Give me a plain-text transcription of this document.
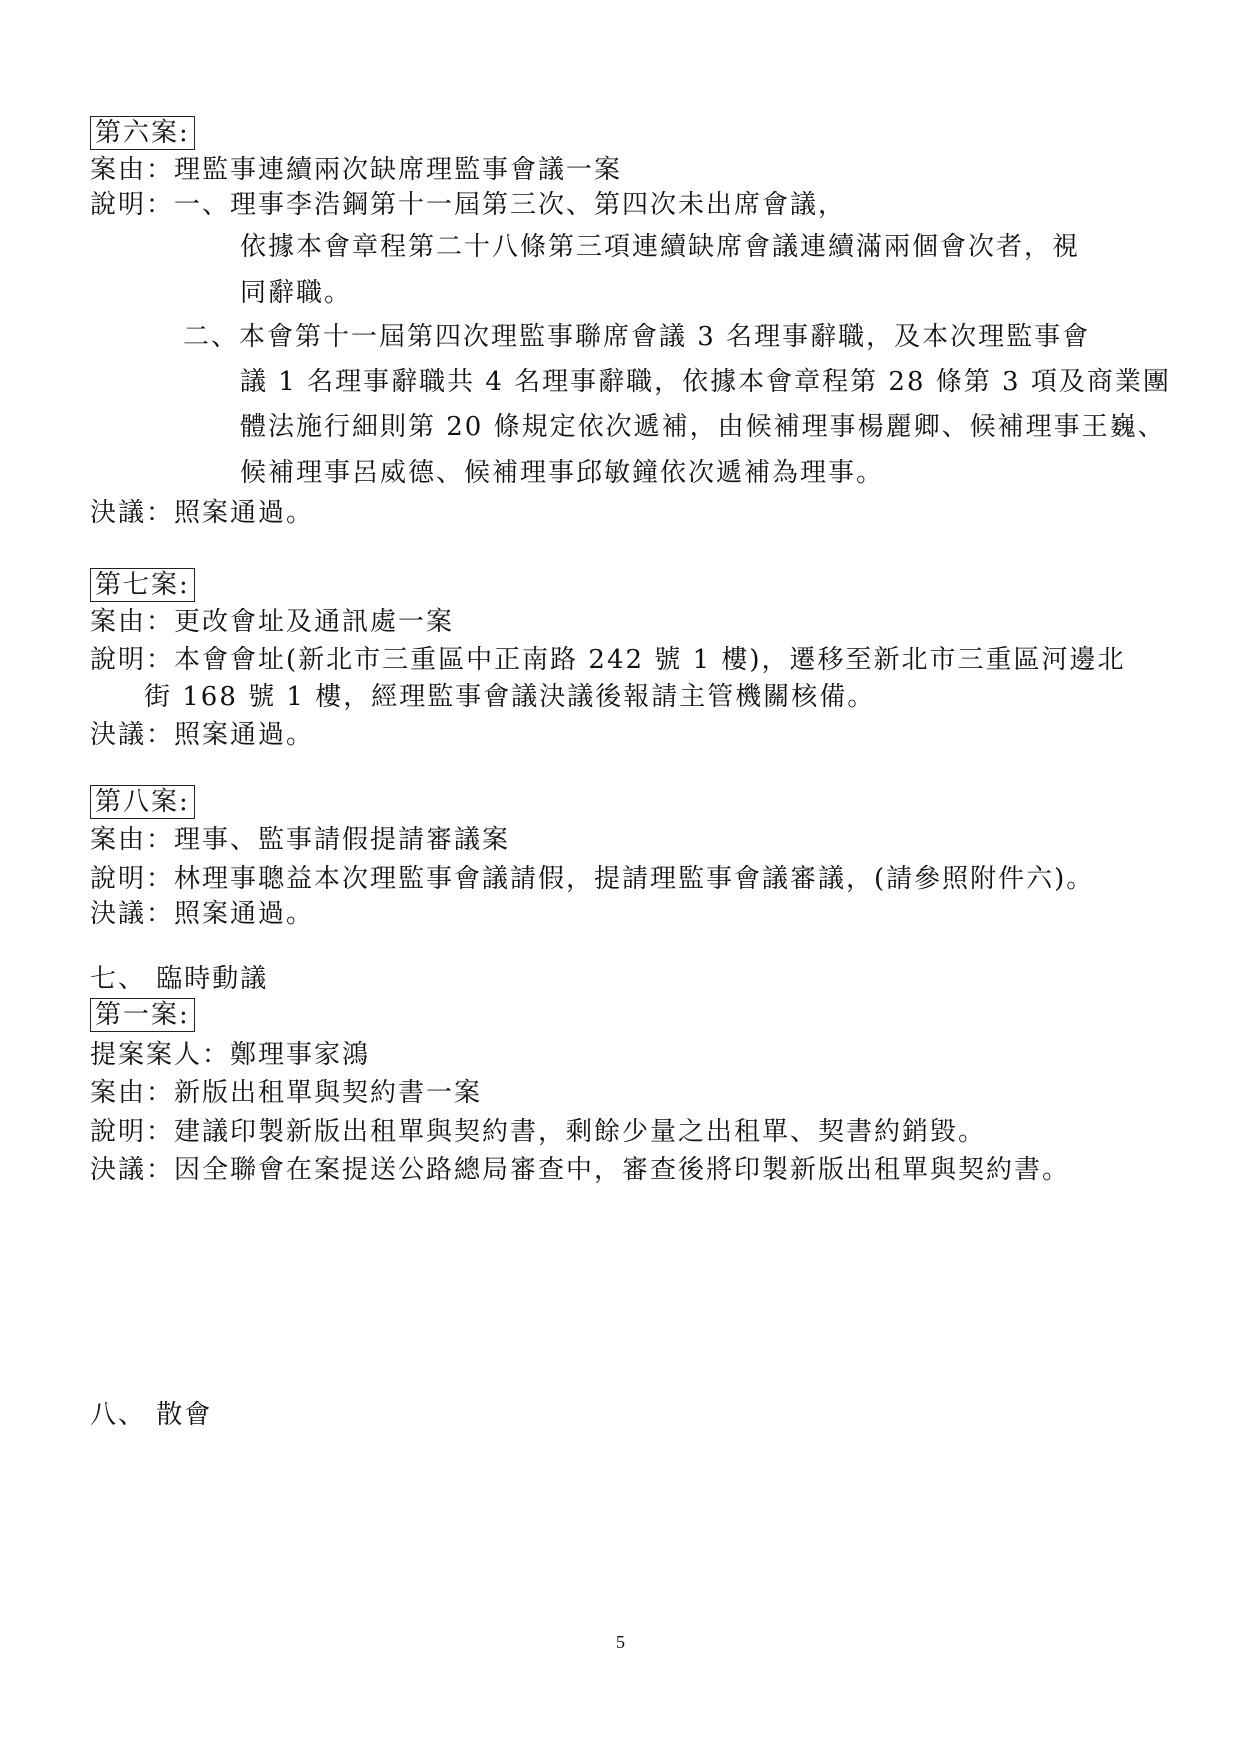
第六案:
案由：理監事連續兩次缺席理監事會議一案
說明：一、理事李浩鋼第十一屆第三次、第四次未出席會議，
依據本會章程第二十八條第三項連續缺席會議連續滿兩個會次者，視
同辭職。
二、本會第十一屆第四次理監事聯席會議 3 名理事辭職，及本次理監事會
議 1 名理事辭職共 4 名理事辭職，依據本會章程第 28 條第 3 項及商業團
體法施行細則第 20 條規定依次遞補，由候補理事楊麗卿、候補理事王巍、
候補理事呂威德、候補理事邱敏鐘依次遞補為理事。
決議：照案通過。
第七案:
案由：更改會址及通訊處一案
說明：本會會址(新北市三重區中正南路 242 號 1 樓)，遷移至新北市三重區河邊北
街 168 號 1 樓，經理監事會議決議後報請主管機關核備。
決議：照案通過。
第八案:
案由：理事、監事請假提請審議案
說明：林理事聰益本次理監事會議請假，提請理監事會議審議，(請參照附件六)。
決議：照案通過。
七、 臨時動議
第一案:
提案案人：鄭理事家鴻
案由：新版出租單與契約書一案
說明：建議印製新版出租單與契約書，剩餘少量之出租單、契書約銷毀。
決議：因全聯會在案提送公路總局審查中，審查後將印製新版出租單與契約書。
八、 散會
5
